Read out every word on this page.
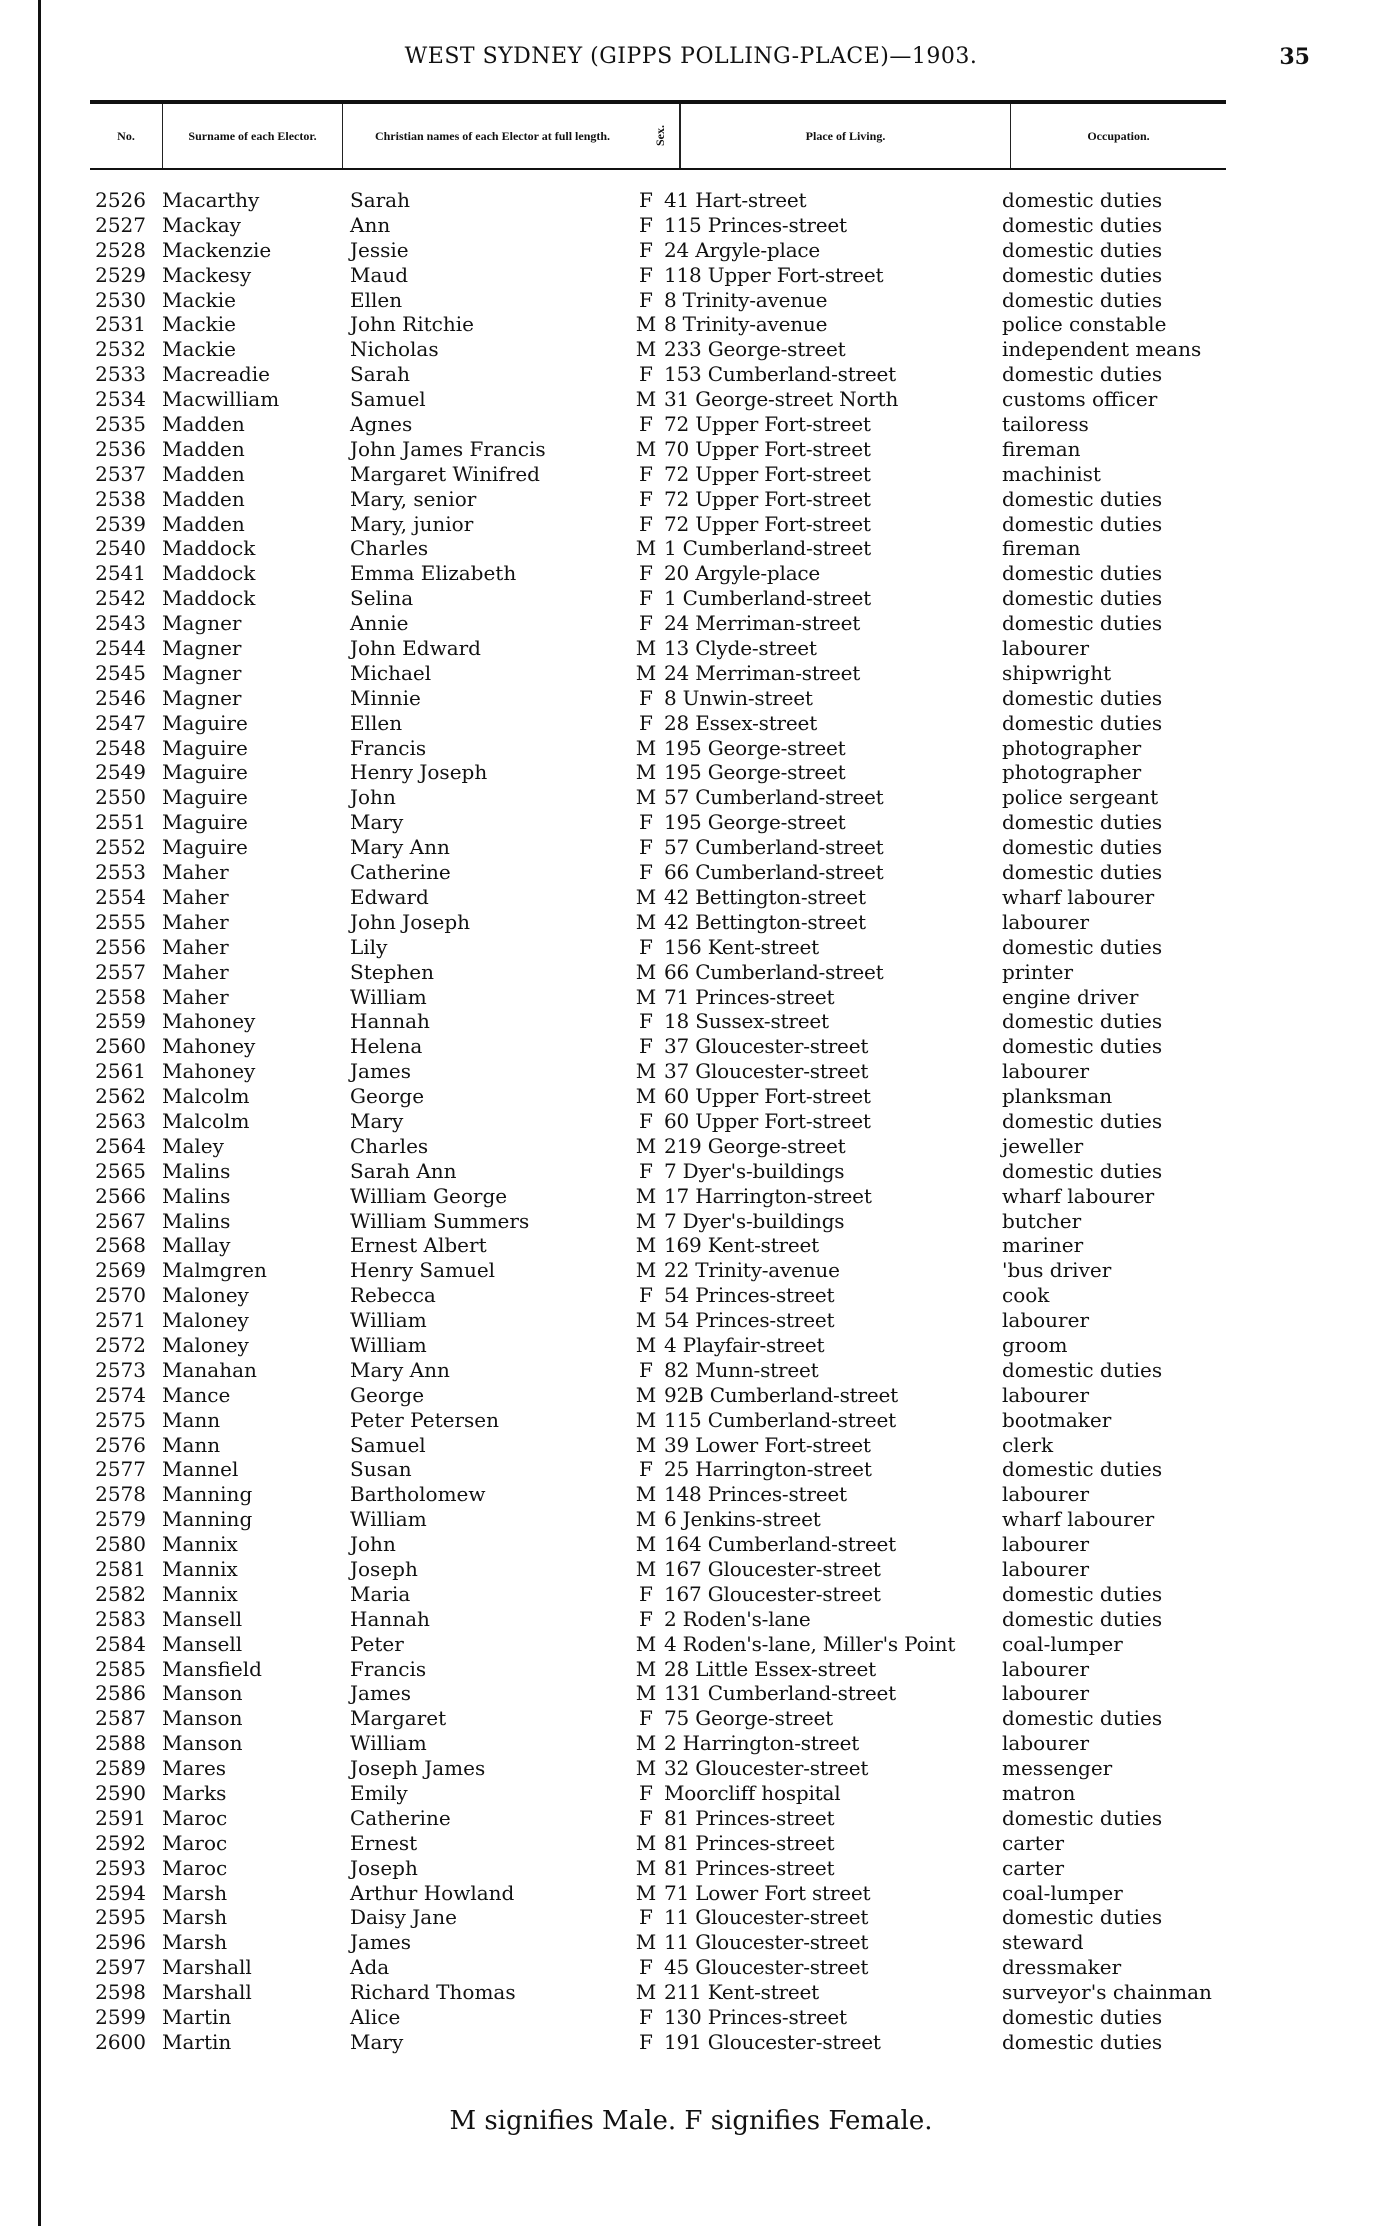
WEST SYDNEY (GIPPS POLLING-PLACE)—1903.	35
No.	Surname of each Elector.	Christian names of each Elector at full length.	Sex.	Place of Living.	Occupation.
2526 Macarthy	Sarah	F 41 Hart-street	domestic duties
2527 Mackay	Ann	F 115 Princes-street	domestic duties
2528 Mackenzie	Jessie	F 24 Argyle-place	domestic duties
2529 Mackesy	Maud	F 118 Upper Fort-street	domestic duties
2530 Mackie	Ellen	F 8 Trinity-avenue	domestic duties
2531 Mackie	John Ritchie	M 8 Trinity-avenue	police constable
2532 Mackie	Nicholas	M 233 George-street	independent means
2533 Macreadie	Sarah	F 153 Cumberland-street	domestic duties
2534 Macwilliam	Samuel	M 31 George-street North	customs officer
2535 Madden	Agnes	F 72 Upper Fort-street	tailoress
2536 Madden	John James Francis	M 70 Upper Fort-street	fireman
2537 Madden	Margaret Winifred	F 72 Upper Fort-street	machinist
2538 Madden	Mary, senior	F 72 Upper Fort-street	domestic duties
2539 Madden	Mary, junior	F 72 Upper Fort-street	domestic duties
2540 Maddock	Charles	M 1 Cumberland-street	fireman
2541 Maddock	Emma Elizabeth	F 20 Argyle-place	domestic duties
2542 Maddock	Selina	F 1 Cumberland-street	domestic duties
2543 Magner	Annie	F 24 Merriman-street	domestic duties
2544 Magner	John Edward	M 13 Clyde-street	labourer
2545 Magner	Michael	M 24 Merriman-street	shipwright
2546 Magner	Minnie	F 8 Unwin-street	domestic duties
2547 Maguire	Ellen	F 28 Essex-street	domestic duties
2548 Maguire	Francis	M 195 George-street	photographer
2549 Maguire	Henry Joseph	M 195 George-street	photographer
2550 Maguire	John	M 57 Cumberland-street	police sergeant
2551 Maguire	Mary	F 195 George-street	domestic duties
2552 Maguire	Mary Ann	F 57 Cumberland-street	domestic duties
2553 Maher	Catherine	F 66 Cumberland-street	domestic duties
2554 Maher	Edward	M 42 Bettington-street	wharf labourer
2555 Maher	John Joseph	M 42 Bettington-street	labourer
2556 Maher	Lily	F 156 Kent-street	domestic duties
2557 Maher	Stephen	M 66 Cumberland-street	printer
2558 Maher	William	M 71 Princes-street	engine driver
2559 Mahoney	Hannah	F 18 Sussex-street	domestic duties
2560 Mahoney	Helena	F 37 Gloucester-street	domestic duties
2561 Mahoney	James	M 37 Gloucester-street	labourer
2562 Malcolm	George	M 60 Upper Fort-street	planksman
2563 Malcolm	Mary	F 60 Upper Fort-street	domestic duties
2564 Maley	Charles	M 219 George-street	jeweller
2565 Malins	Sarah Ann	F 7 Dyer's-buildings	domestic duties
2566 Malins	William George	M 17 Harrington-street	wharf labourer
2567 Malins	William Summers	M 7 Dyer's-buildings	butcher
2568 Mallay	Ernest Albert	M 169 Kent-street	mariner
2569 Malmgren	Henry Samuel	M 22 Trinity-avenue	'bus driver
2570 Maloney	Rebecca	F 54 Princes-street	cook
2571 Maloney	William	M 54 Princes-street	labourer
2572 Maloney	William	M 4 Playfair-street	groom
2573 Manahan	Mary Ann	F 82 Munn-street	domestic duties
2574 Mance	George	M 92B Cumberland-street	labourer
2575 Mann	Peter Petersen	M 115 Cumberland-street	bootmaker
2576 Mann	Samuel	M 39 Lower Fort-street	clerk
2577 Mannel	Susan	F 25 Harrington-street	domestic duties
2578 Manning	Bartholomew	M 148 Princes-street	labourer
2579 Manning	William	M 6 Jenkins-street	wharf labourer
2580 Mannix	John	M 164 Cumberland-street	labourer
2581 Mannix	Joseph	M 167 Gloucester-street	labourer
2582 Mannix	Maria	F 167 Gloucester-street	domestic duties
2583 Mansell	Hannah	F 2 Roden's-lane	domestic duties
2584 Mansell	Peter	M 4 Roden's-lane, Miller's Point	coal-lumper
2585 Mansfield	Francis	M 28 Little Essex-street	labourer
2586 Manson	James	M 131 Cumberland-street	labourer
2587 Manson	Margaret	F 75 George-street	domestic duties
2588 Manson	William	M 2 Harrington-street	labourer
2589 Mares	Joseph James	M 32 Gloucester-street	messenger
2590 Marks	Emily	F Moorcliff hospital	matron
2591 Maroc	Catherine	F 81 Princes-street	domestic duties
2592 Maroc	Ernest	M 81 Princes-street	carter
2593 Maroc	Joseph	M 81 Princes-street	carter
2594 Marsh	Arthur Howland	M 71 Lower Fort street	coal-lumper
2595 Marsh	Daisy Jane	F 11 Gloucester-street	domestic duties
2596 Marsh	James	M 11 Gloucester-street	steward
2597 Marshall	Ada	F 45 Gloucester-street	dressmaker
2598 Marshall	Richard Thomas	M 211 Kent-street	surveyor's chainman
2599 Martin	Alice	F 130 Princes-street	domestic duties
2600 Martin	Mary	F 191 Gloucester-street	domestic duties
M signifies Male. F signifies Female.
